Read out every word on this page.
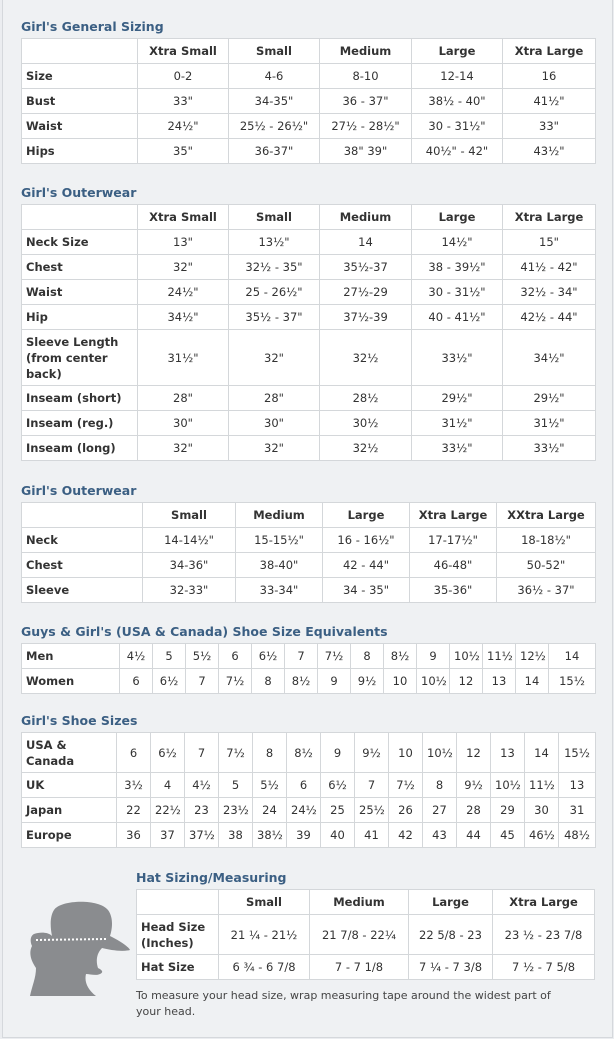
Girl's General Sizing
	Xtra Small	Small	Medium	Large	Xtra Large
Size	0-2	4-6	8-10	12-14	16
Bust	33"	34-35"	36 - 37"	38½ - 40"	41½"
Waist	24½"	25½ - 26½"	27½ - 28½"	30 - 31½"	33"
Hips	35"	36-37"	38" 39"	40½" - 42"	43½"
Girl's Outerwear
	Xtra Small	Small	Medium	Large	Xtra Large
Neck Size	13"	13½"	14	14½"	15"
Chest	32"	32½ - 35"	35½-37	38 - 39½"	41½ - 42"
Waist	24½"	25 - 26½"	27½-29	30 - 31½"	32½ - 34"
Hip	34½"	35½ - 37"	37½-39	40 - 41½"	42½ - 44"
Sleeve Length (from center back)	31½"	32"	32½	33½"	34½"
Inseam (short)	28"	28"	28½	29½"	29½"
Inseam (reg.)	30"	30"	30½	31½"	31½"
Inseam (long)	32"	32"	32½	33½"	33½"
Girl's Outerwear
	Small	Medium	Large	Xtra Large	XXtra Large
Neck	14-14½"	15-15½"	16 - 16½"	17-17½"	18-18½"
Chest	34-36"	38-40"	42 - 44"	46-48"	50-52"
Sleeve	32-33"	33-34"	34 - 35"	35-36"	36½ - 37"
Guys & Girl's (USA & Canada) Shoe Size Equivalents
Men	4½	5	5½	6	6½	7	7½	8	8½	9	10½	11½	12½	14
Women	6	6½	7	7½	8	8½	9	9½	10	10½	12	13	14	15½
Girl's Shoe Sizes
USA & Canada	6	6½	7	7½	8	8½	9	9½	10	10½	12	13	14	15½
UK	3½	4	4½	5	5½	6	6½	7	7½	8	9½	10½	11½	13
Japan	22	22½	23	23½	24	24½	25	25½	26	27	28	29	30	31
Europe	36	37	37½	38	38½	39	40	41	42	43	44	45	46½	48½
Hat Sizing/Measuring
	Small	Medium	Large	Xtra Large
Head Size (Inches)	21 ¼ - 21½	21 7/8 - 22¼	22 5/8 - 23	23 ½ - 23 7/8
Hat Size	6 ¾ - 6 7/8	7 - 7 1/8	7 ¼ - 7 3/8	7 ½ - 7 5/8
To measure your head size, wrap measuring tape around the widest part of your head.
